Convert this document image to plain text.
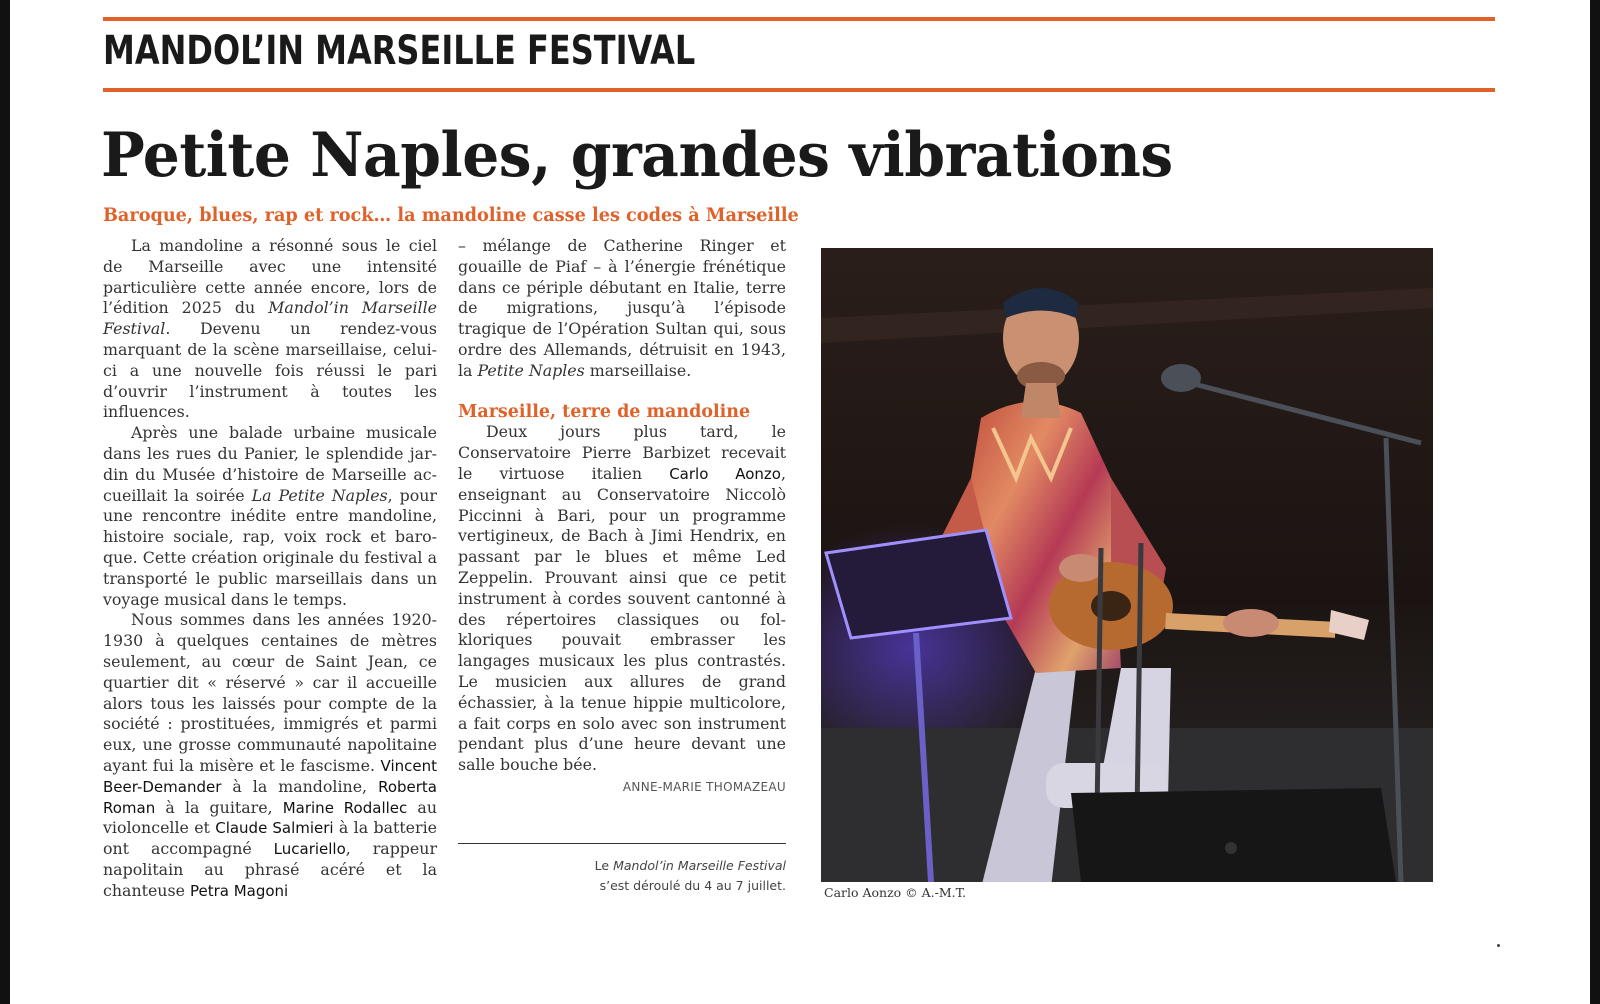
MANDOL’IN MARSEILLE FESTIVAL
Petite Naples, grandes vibrations
Baroque, blues, rap et rock… la mandoline casse les codes à Marseille

La mandoline a résonné sous le ciel de Marseille avec une intensité particulière cette année encore, lors de l’édition 2025 du Mandol’in Marseille Festival. Devenu un rendez-vous marquant de la scène marseillaise, celui-ci a une nouvelle fois réussi le pari d’ouvrir l’instrument à toutes les influences.

Après une balade urbaine musicale dans les rues du Panier, le splendide jardin du Musée d’histoire de Marseille accueillait la soirée La Petite Naples, pour une rencontre inédite entre mandoline, histoire sociale, rap, voix rock et baroque. Cette création originale du festival a transporté le public marseillais dans un voyage musical dans le temps.

Nous sommes dans les années 1920-1930 à quelques centaines de mètres seulement, au cœur de Saint Jean, ce quartier dit « réservé » car il accueille alors tous les laissés pour compte de la société : prostituées, immigrés et parmi eux, une grosse communauté napolitaine ayant fui la misère et le fascisme. Vincent Beer-Demander à la mandoline, Roberta Roman à la guitare, Marine Rodallec au violoncelle et Claude Salmieri à la batterie ont accompagné Lucariello, rappeur napolitain au phrasé acéré et la chanteuse Petra Magoni

– mélange de Catherine Ringer et gouaille de Piaf – à l’énergie frénétique dans ce périple débutant en Italie, terre de migrations, jusqu’à l’épisode tragique de l’Opération Sultan qui, sous ordre des Allemands, détruisit en 1943, la Petite Naples marseillaise.

Marseille, terre de mandoline

Deux jours plus tard, le Conservatoire Pierre Barbizet recevait le virtuose italien Carlo Aonzo, enseignant au Conservatoire Niccolò Piccinni à Bari, pour un programme vertigineux, de Bach à Jimi Hendrix, en passant par le blues et même Led Zeppelin. Prouvant ainsi que ce petit instrument à cordes souvent cantonné à des répertoires classiques ou folkloriques pouvait embrasser les langages musicaux les plus contrastés. Le musicien aux allures de grand échassier, à la tenue hippie multicolore, a fait corps en solo avec son instrument pendant plus d’une heure devant une salle bouche bée.

ANNE-MARIE THOMAZEAU
Le Mandol’in Marseille Festival
s’est déroulé du 4 au 7 juillet.	Carlo Aonzo © A.-M.T.
